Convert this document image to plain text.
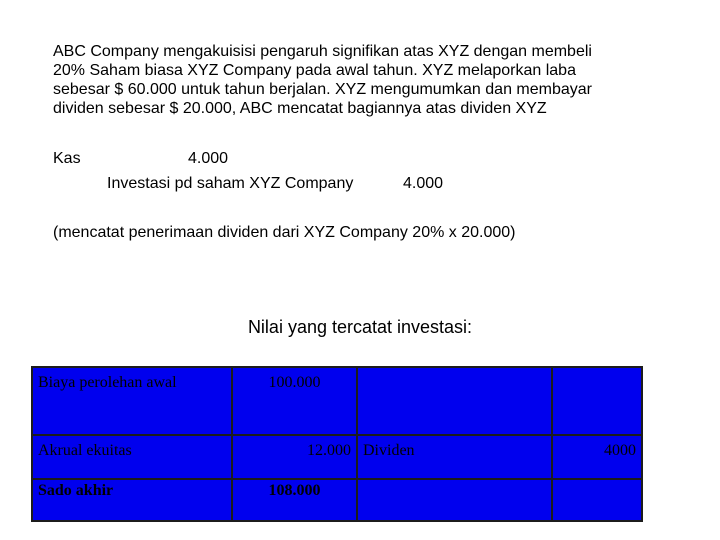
ABC Company mengakuisisi pengaruh signifikan atas XYZ dengan membeli
20% Saham biasa XYZ Company pada awal tahun. XYZ melaporkan laba
sebesar $ 60.000 untuk tahun berjalan. XYZ mengumumkan dan membayar
dividen sebesar $ 20.000, ABC mencatat bagiannya atas dividen XYZ
Kas	4.000
Investasi pd saham XYZ Company	4.000
(mencatat penerimaan dividen dari XYZ Company 20% x 20.000)
Nilai yang tercatat investasi:
Biaya perolehan awal	100.000		
Akrual ekuitas	12.000	Dividen	4000
Sado akhir	108.000		
